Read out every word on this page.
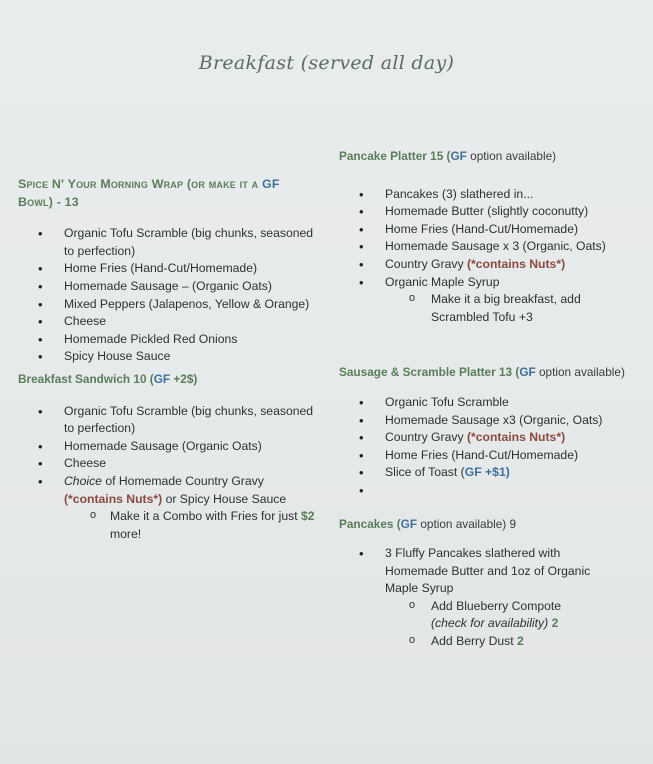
Breakfast (served all day)

Spice N' Your Morning Wrap (or make it a GF
Bowl) - 13

• Organic Tofu Scramble (big chunks, seasoned to perfection)
• Home Fries (Hand-Cut/Homemade)
• Homemade Sausage – (Organic Oats)
• Mixed Peppers (Jalapenos, Yellow & Orange)
• Cheese
• Homemade Pickled Red Onions
• Spicy House Sauce

Breakfast Sandwich 10 (GF +2$)

• Organic Tofu Scramble (big chunks, seasoned to perfection)
• Homemade Sausage (Organic Oats)
• Cheese
• Choice of Homemade Country Gravy (*contains Nuts*) or Spicy House Sauce
o Make it a Combo with Fries for just $2 more!

Pancake Platter 15 (GF option available)

• Pancakes (3) slathered in...
• Homemade Butter (slightly coconutty)
• Home Fries (Hand-Cut/Homemade)
• Homemade Sausage x 3 (Organic, Oats)
• Country Gravy (*contains Nuts*)
• Organic Maple Syrup
o Make it a big breakfast, add Scrambled Tofu +3

Sausage & Scramble Platter 13 (GF option available)

• Organic Tofu Scramble
• Homemade Sausage x3 (Organic, Oats)
• Country Gravy (*contains Nuts*)
• Home Fries (Hand-Cut/Homemade)
• Slice of Toast (GF +$1)
•

Pancakes (GF option available) 9

• 3 Fluffy Pancakes slathered with Homemade Butter and 1oz of Organic Maple Syrup
o Add Blueberry Compote (check for availability) 2
o Add Berry Dust 2
